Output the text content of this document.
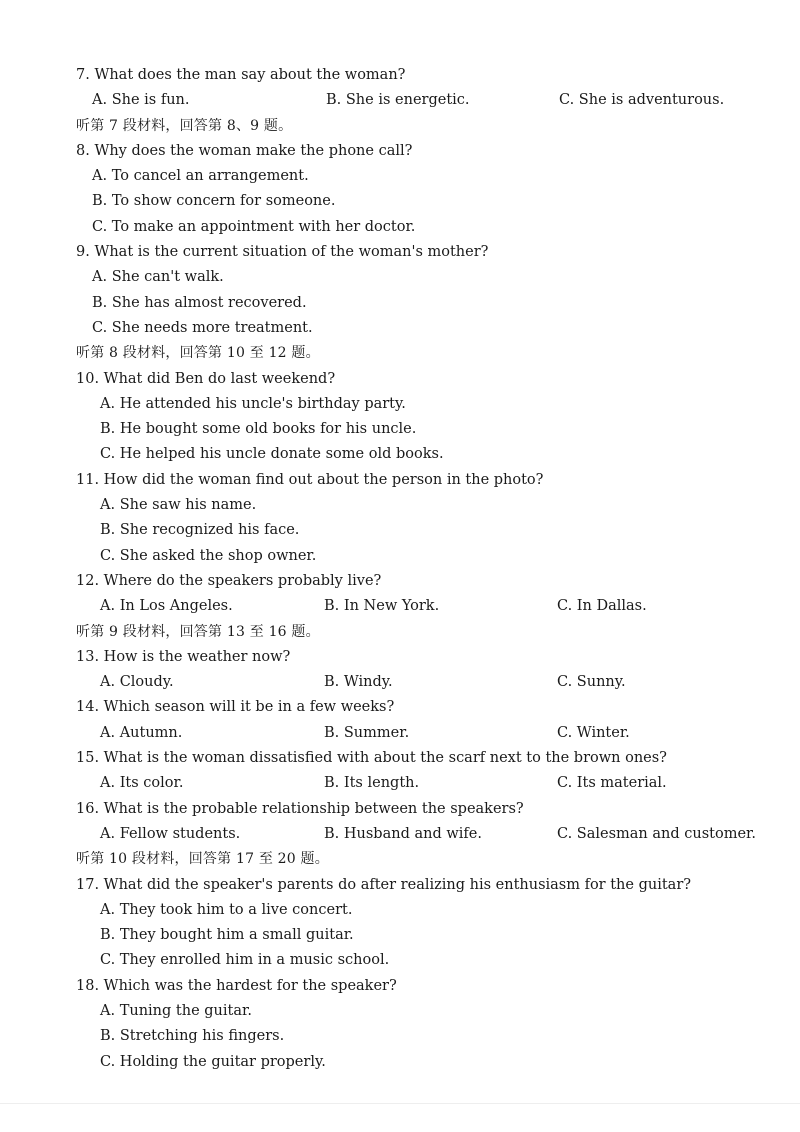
7. What does the man say about the woman?
A. She is fun.	B. She is energetic.	C. She is adventurous.
听第 7 段材料，回答第 8、9 题。
8. Why does the woman make the phone call?
A. To cancel an arrangement.
B. To show concern for someone.
C. To make an appointment with her doctor.
9. What is the current situation of the woman's mother?
A. She can't walk.
B. She has almost recovered.
C. She needs more treatment.
听第 8 段材料，回答第 10 至 12 题。
10. What did Ben do last weekend?
A. He attended his uncle's birthday party.
B. He bought some old books for his uncle.
C. He helped his uncle donate some old books.
11. How did the woman find out about the person in the photo?
A. She saw his name.
B. She recognized his face.
C. She asked the shop owner.
12. Where do the speakers probably live?
A. In Los Angeles.	B. In New York.	C. In Dallas.
听第 9 段材料，回答第 13 至 16 题。
13. How is the weather now?
A. Cloudy.	B. Windy.	C. Sunny.
14. Which season will it be in a few weeks?
A. Autumn.	B. Summer.	C. Winter.
15. What is the woman dissatisfied with about the scarf next to the brown ones?
A. Its color.	B. Its length.	C. Its material.
16. What is the probable relationship between the speakers?
A. Fellow students.	B. Husband and wife.	C. Salesman and customer.
听第 10 段材料，回答第 17 至 20 题。
17. What did the speaker's parents do after realizing his enthusiasm for the guitar?
A. They took him to a live concert.
B. They bought him a small guitar.
C. They enrolled him in a music school.
18. Which was the hardest for the speaker?
A. Tuning the guitar.
B. Stretching his fingers.
C. Holding the guitar properly.
